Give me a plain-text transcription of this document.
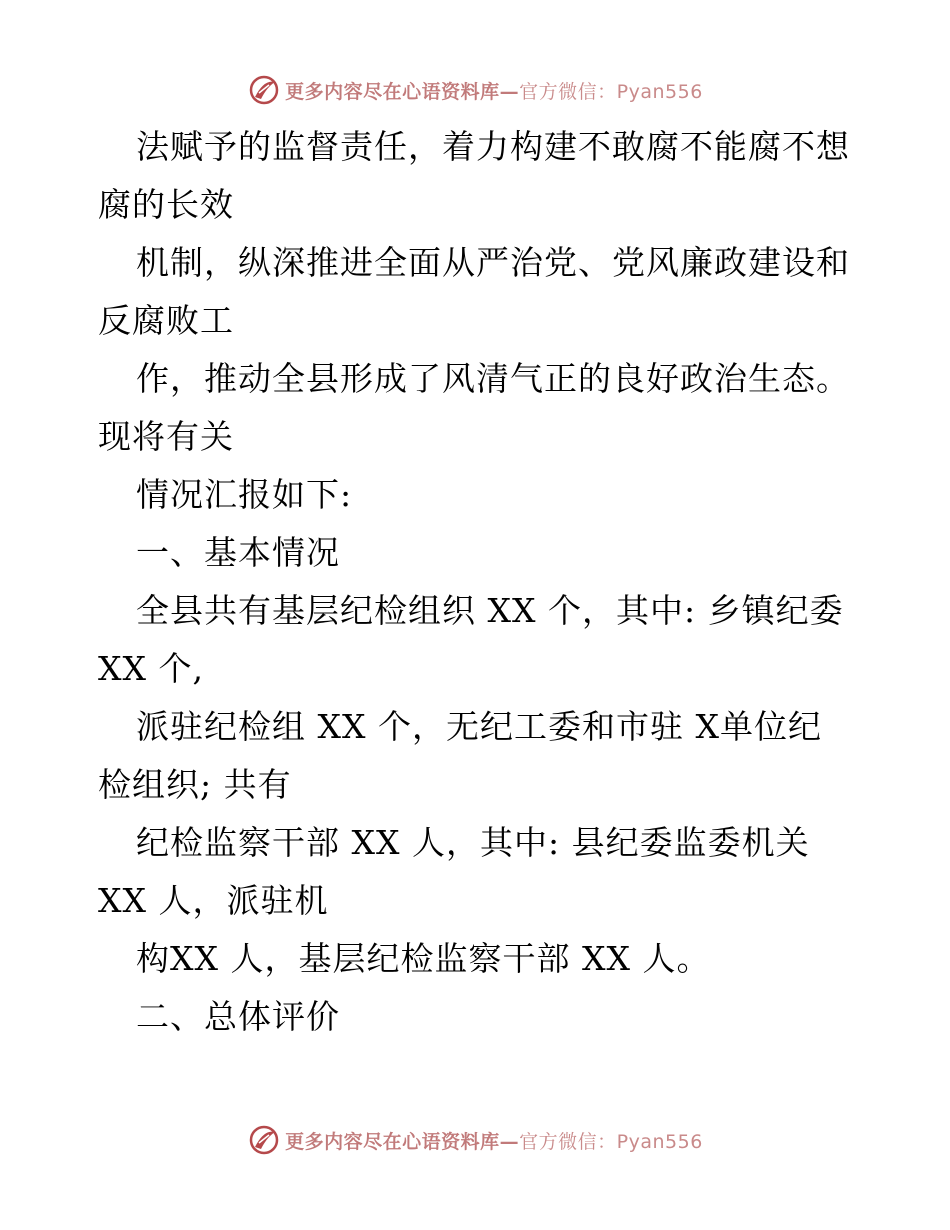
更多内容尽在心语资料库—官方微信：Pyan556
法赋予的监督责任，着力构建不敢腐不能腐不想
腐的长效
机制，纵深推进全面从严治党、党风廉政建设和
反腐败工
作，推动全县形成了风清气正的良好政治生态。
现将有关
情况汇报如下:
一、基本情况
全县共有基层纪检组织 XX 个，其中: 乡镇纪委
XX 个,
派驻纪检组 XX 个，无纪工委和市驻 X单位纪
检组织; 共有
纪检监察干部 XX 人，其中: 县纪委监委机关
XX 人，派驻机
构XX 人，基层纪检监察干部 XX 人。
二、总体评价
更多内容尽在心语资料库—官方微信：Pyan556
